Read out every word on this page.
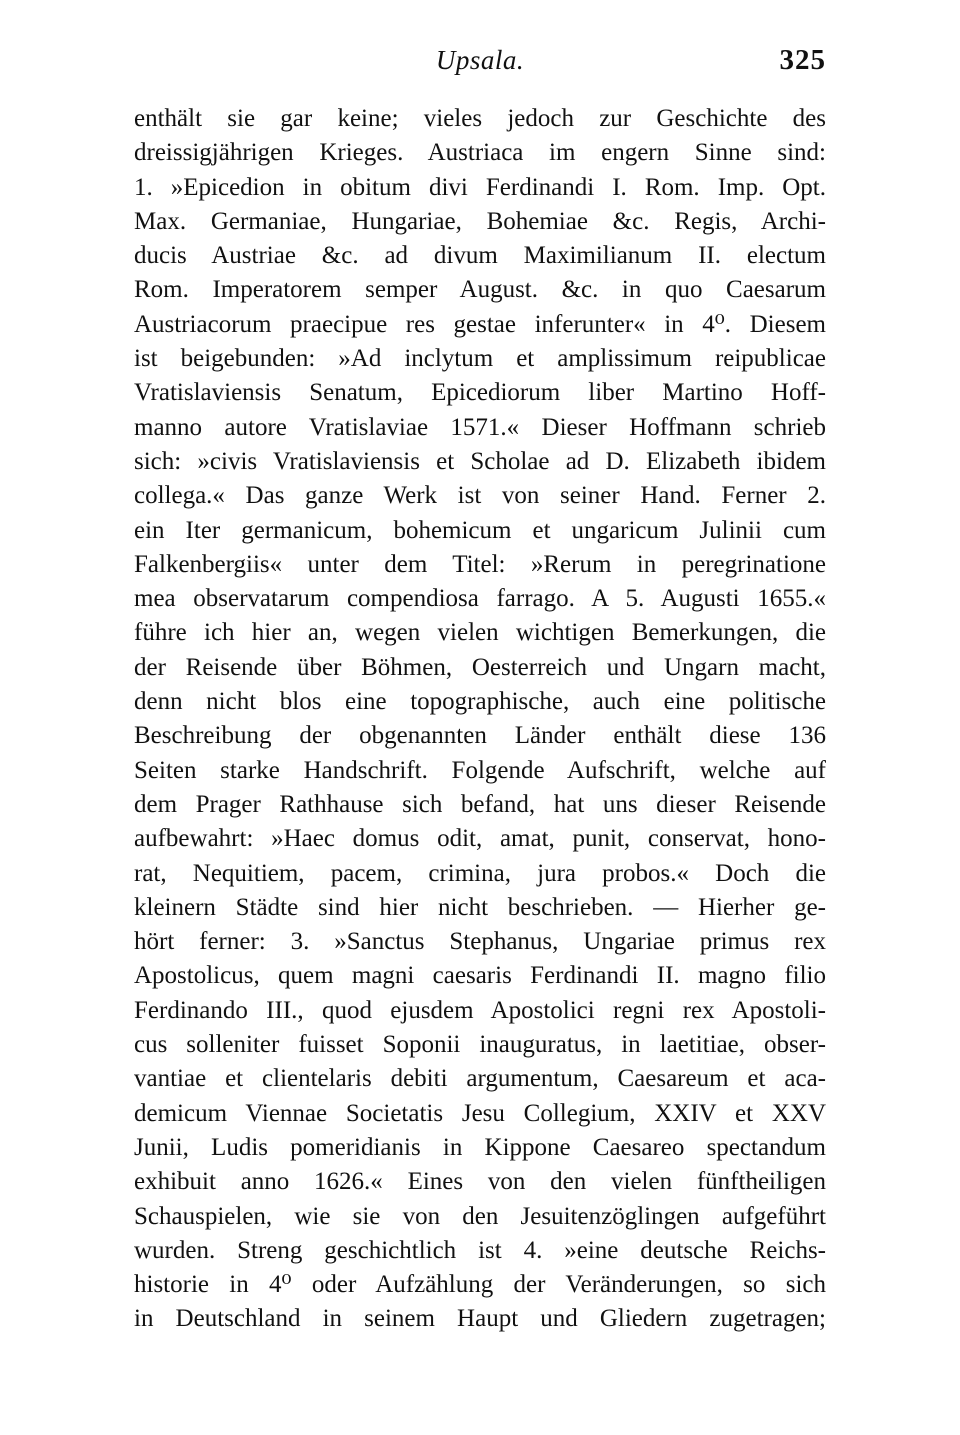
Upsala.	325
enthält sie gar keine; vieles jedoch zur Geschichte des
dreissigjährigen Krieges. Austriaca im engern Sinne sind:
1. »Epicedion in obitum divi Ferdinandi I. Rom. Imp. Opt.
Max. Germaniae, Hungariae, Bohemiae &c. Regis, Archi-
ducis Austriae &c. ad divum Maximilianum II. electum
Rom. Imperatorem semper August. &c. in quo Caesarum
Austriacorum praecipue res gestae inferunter« in 4⁰. Diesem
ist beigebunden: »Ad inclytum et amplissimum reipublicae
Vratislaviensis Senatum, Epicediorum liber Martino Hoff-
manno autore Vratislaviae 1571.« Dieser Hoffmann schrieb
sich: »civis Vratislaviensis et Scholae ad D. Elizabeth ibidem
collega.« Das ganze Werk ist von seiner Hand. Ferner 2.
ein Iter germanicum, bohemicum et ungaricum Julinii cum
Falkenbergiis« unter dem Titel: »Rerum in peregrinatione
mea observatarum compendiosa farrago. A 5. Augusti 1655.«
führe ich hier an, wegen vielen wichtigen Bemerkungen, die
der Reisende über Böhmen, Oesterreich und Ungarn macht,
denn nicht blos eine topographische, auch eine politische
Beschreibung der obgenannten Länder enthält diese 136
Seiten starke Handschrift. Folgende Aufschrift, welche auf
dem Prager Rathhause sich befand, hat uns dieser Reisende
aufbewahrt: »Haec domus odit, amat, punit, conservat, hono-
rat, Nequitiem, pacem, crimina, jura probos.« Doch die
kleinern Städte sind hier nicht beschrieben. — Hierher ge-
hört ferner: 3. »Sanctus Stephanus, Ungariae primus rex
Apostolicus, quem magni caesaris Ferdinandi II. magno filio
Ferdinando III., quod ejusdem Apostolici regni rex Apostoli-
cus solleniter fuisset Soponii inauguratus, in laetitiae, obser-
vantiae et clientelaris debiti argumentum, Caesareum et aca-
demicum Viennae Societatis Jesu Collegium, XXIV et XXV
Junii, Ludis pomeridianis in Kippone Caesareo spectandum
exhibuit anno 1626.« Eines von den vielen fünftheiligen
Schauspielen, wie sie von den Jesuitenzöglingen aufgeführt
wurden. Streng geschichtlich ist 4. »eine deutsche Reichs-
historie in 4⁰ oder Aufzählung der Veränderungen, so sich
in Deutschland in seinem Haupt und Gliedern zugetragen;
